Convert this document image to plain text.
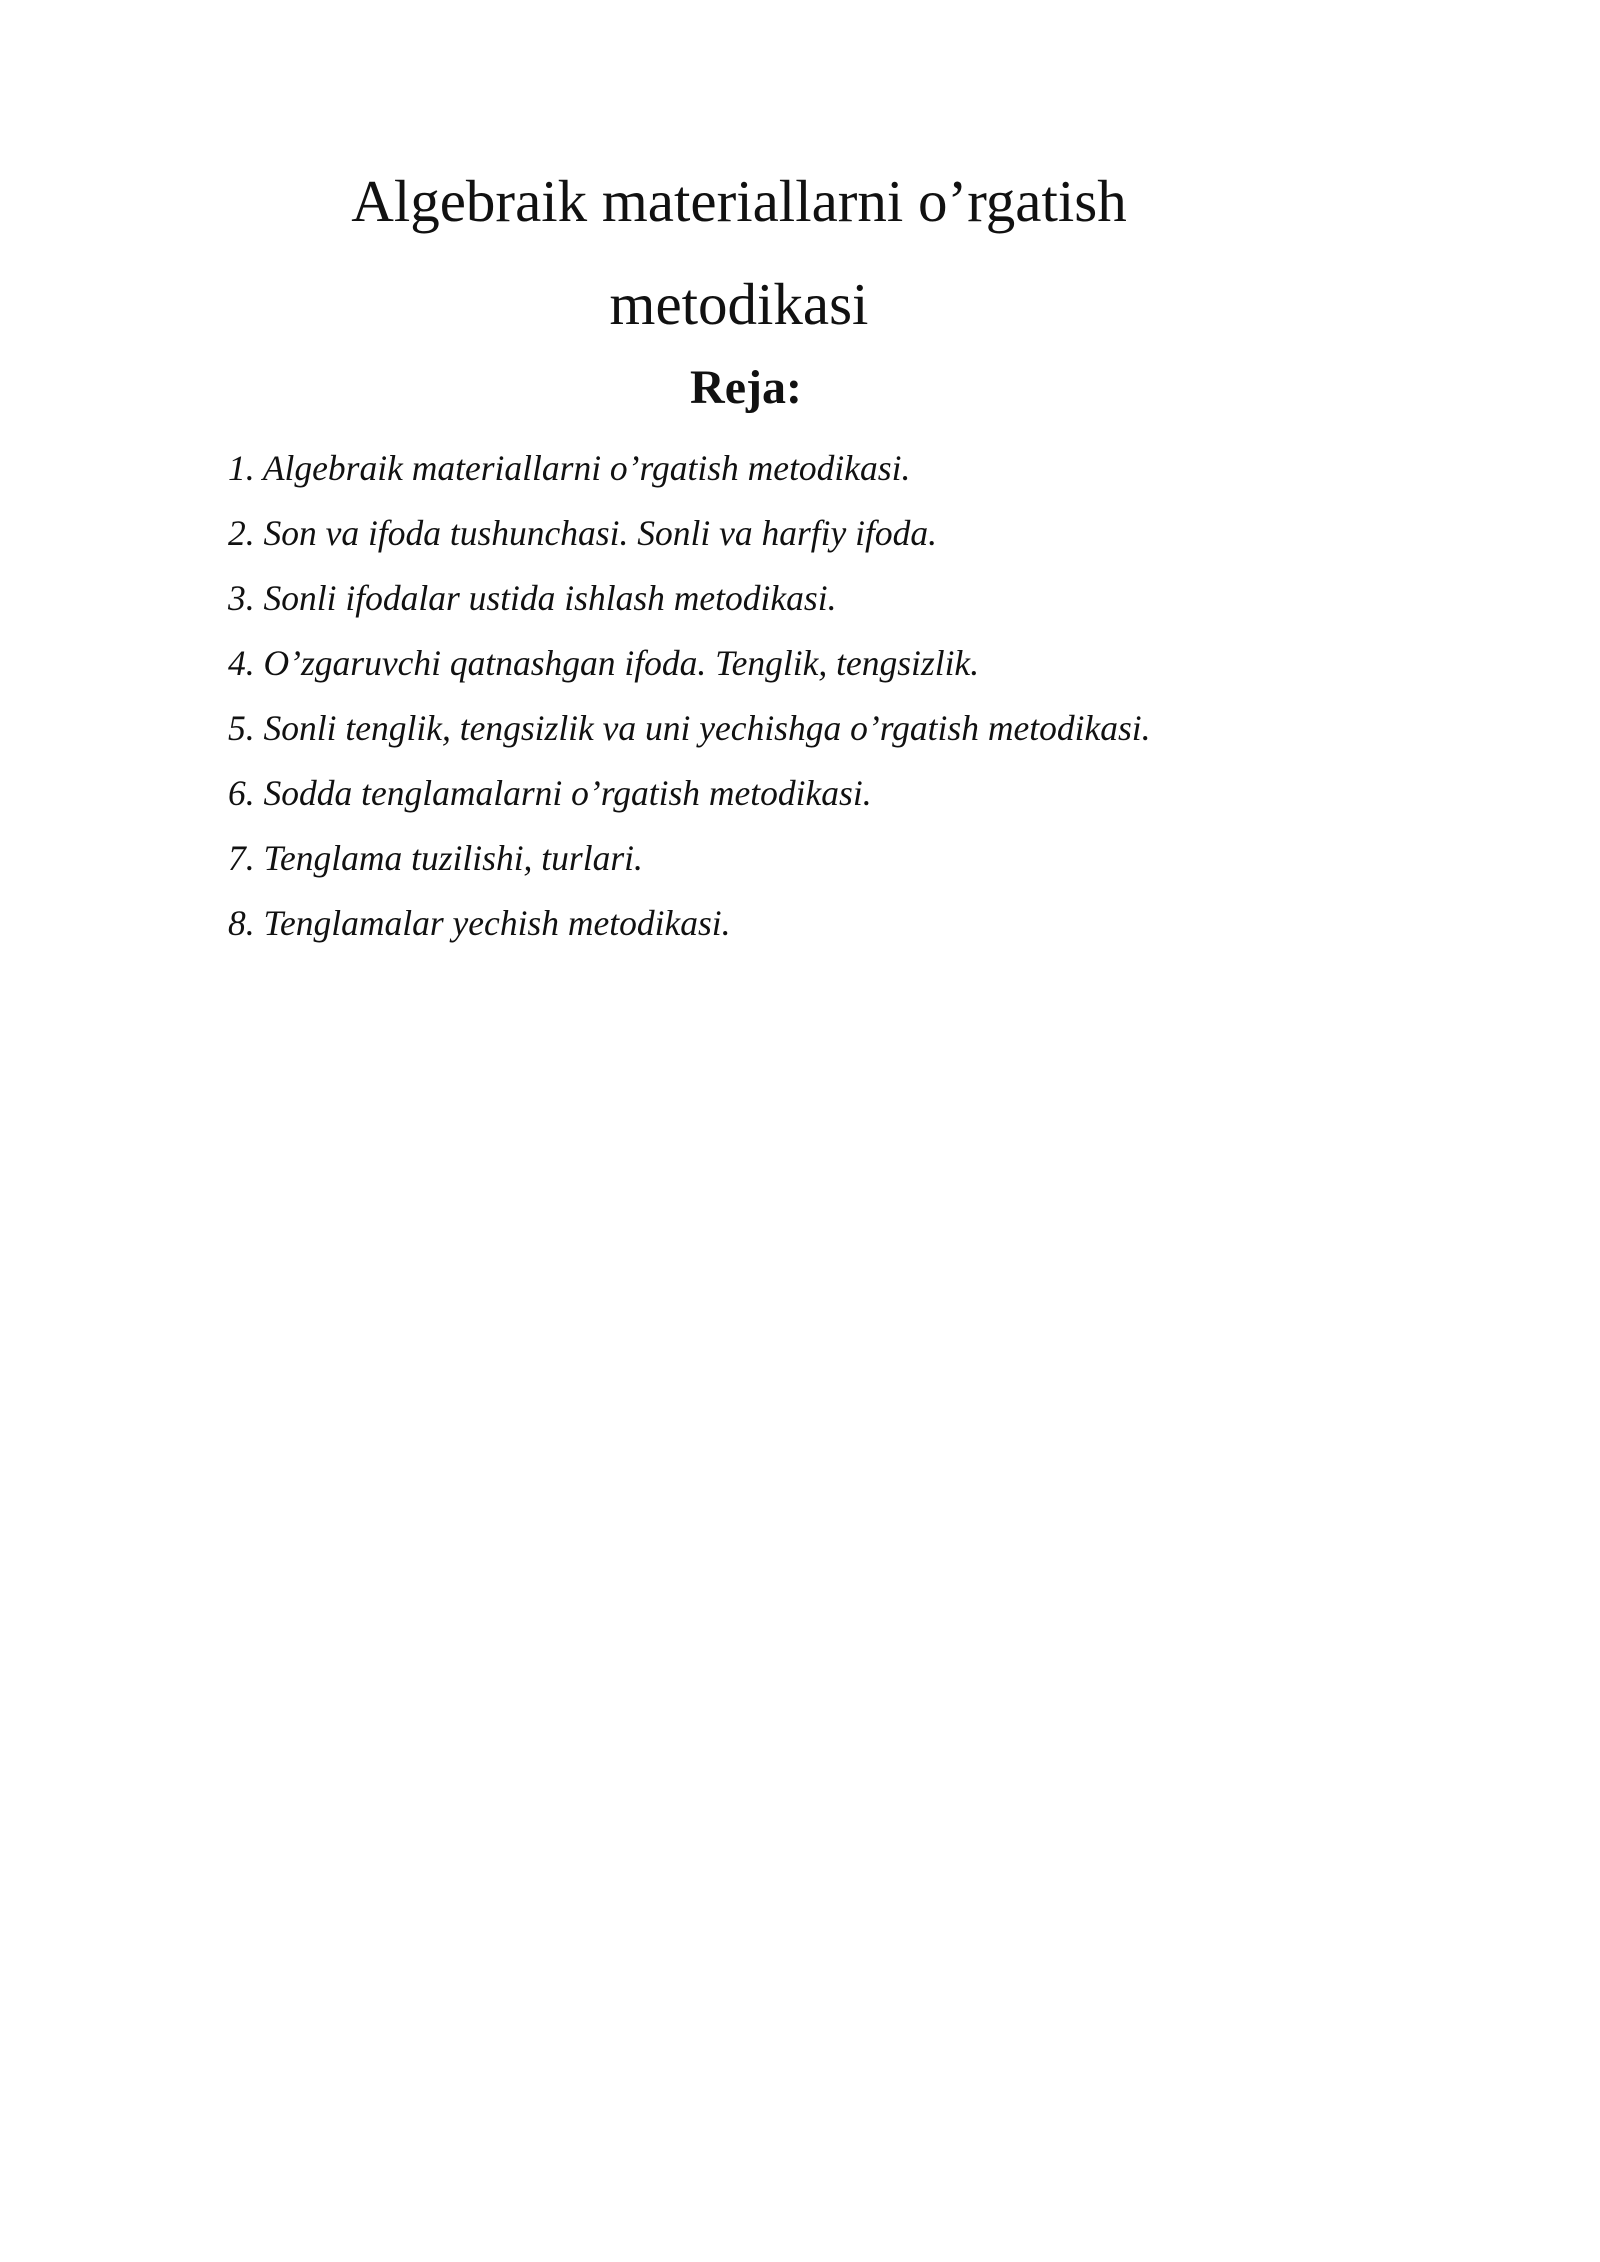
Algebraik materiallarni o’rgatish
metodikasi
Reja:
1. Algebraik materiallarni o’rgatish metodikasi.
2. Son va ifoda tushunchasi. Sonli va harfiy ifoda.
3. Sonli ifodalar ustida ishlash metodikasi.
4. O’zgaruvchi qatnashgan ifoda. Tenglik, tengsizlik.
5. Sonli tenglik, tengsizlik va uni yechishga o’rgatish metodikasi.
6. Sodda tenglamalarni o’rgatish metodikasi.
7. Tenglama tuzilishi, turlari.
8. Tenglamalar yechish metodikasi.
